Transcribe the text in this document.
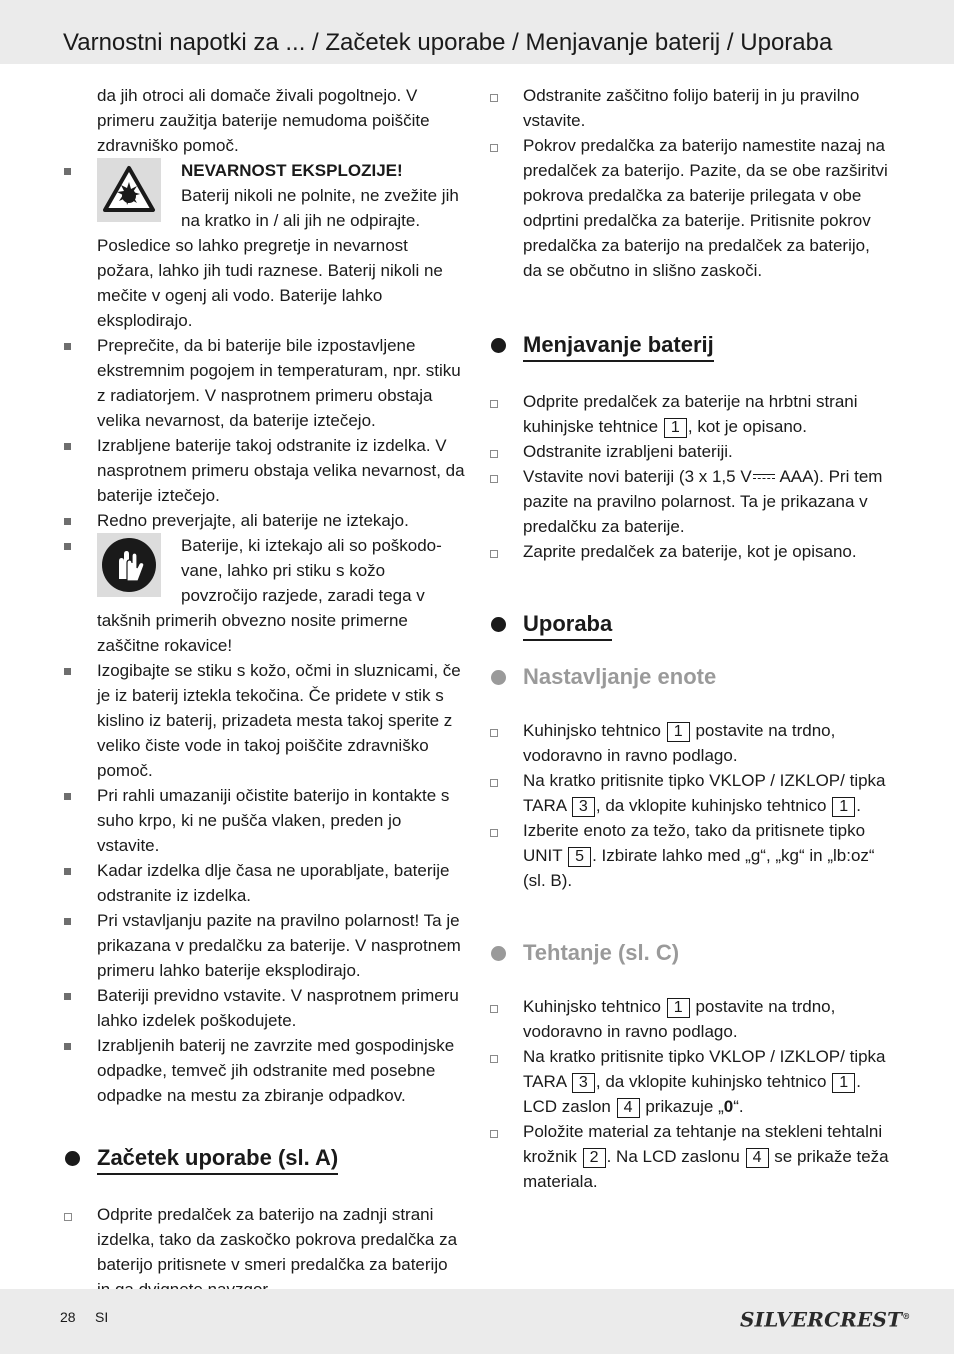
Varnostni napotki za ... / Začetek uporabe / Menjavanje baterij / Uporaba
da jih otroci ali domače živali pogoltnejo. V primeru zaužitja baterije nemudoma poiščite zdravniško pomoč.
NEVARNOST EKSPLOZIJE!
Baterij nikoli ne polnite, ne zvežite jih na kratko in / ali jih ne odpirajte. Posledice so lahko pregretje in nevarnost požara, lahko jih tudi raznese. Baterij nikoli ne mečite v ogenj ali vodo. Baterije lahko eksplodirajo.
Preprečite, da bi baterije bile izpostavljene ekstremnim pogojem in temperaturam, npr. stiku z radiatorjem. V nasprotnem primeru obstaja velika nevarnost, da baterije iztečejo.
Izrabljene baterije takoj odstranite iz izdelka. V nasprotnem primeru obstaja velika nevarnost, da baterije iztečejo.
Redno preverjajte, ali baterije ne iztekajo.
Baterije, ki iztekajo ali so poškodovane, lahko pri stiku s kožo povzročijo razjede, zaradi tega v takšnih primerih obvezno nosite primerne zaščitne rokavice!
Izogibajte se stiku s kožo, očmi in sluznicami, če je iz baterij iztekla tekočina. Če pridete v stik s kislino iz baterij, prizadeta mesta takoj sperite z veliko čiste vode in takoj poiščite zdravniško pomoč.
Pri rahli umazaniji očistite baterijo in kontakte s suho krpo, ki ne pušča vlaken, preden jo vstavite.
Kadar izdelka dlje časa ne uporabljate, baterije odstranite iz izdelka.
Pri vstavljanju pazite na pravilno polarnost! Ta je prikazana v predalčku za baterije. V nasprotnem primeru lahko baterije eksplodirajo.
Bateriji previdno vstavite. V nasprotnem primeru lahko izdelek poškodujete.
Izrabljenih baterij ne zavrzite med gospodinjske odpadke, temveč jih odstranite med posebne odpadke na mestu za zbiranje odpadkov.
Začetek uporabe (sl. A)
Odprite predalček za baterijo na zadnji strani izdelka, tako da zaskočko pokrova predalčka za baterijo pritisnete v smeri predalčka za baterijo
Odstranite zaščitno folijo baterij in ju pravilno vstavite.
Pokrov predalčka za baterijo namestite nazaj na predalček za baterijo. Pazite, da se obe razširitvi pokrova predalčka za baterije prilegata v obe odprtini predalčka za baterije. Pritisnite pokrov predalčka za baterijo na predalček za baterijo, da se občutno in slišno zaskoči.
Menjavanje baterij
Odprite predalček za baterije na hrbtni strani kuhinjske tehtnice 1 , kot je opisano.
Odstranite izrabljeni bateriji.
Vstavite novi bateriji (3 x 1,5 V AAA). Pri tem pazite na pravilno polarnost. Ta je prikazana v predalčku za baterije.
Zaprite predalček za baterije, kot je opisano.
Uporaba
Nastavljanje enote
Kuhinjsko tehtnico 1 postavite na trdno, vodoravno in ravno podlago.
Na kratko pritisnite tipko VKLOP / IZKLOP/ tipka TARA 3 , da vklopite kuhinjsko tehtnico 1 .
Izberite enoto za težo, tako da pritisnete tipko UNIT 5 . Izbirate lahko med „g“, „kg“ in „lb:oz“ (sl. B).
Tehtanje (sl. C)
Kuhinjsko tehtnico 1 postavite na trdno, vodoravno in ravno podlago.
Na kratko pritisnite tipko VKLOP / IZKLOP/ tipka TARA 3 , da vklopite kuhinjsko tehtnico 1 . LCD zaslon 4 prikazuje „0“.
Položite material za tehtanje na stekleni tehtalni krožnik 2 . Na LCD zaslonu 4 se prikaže teža materiala.
28 SI	SILVERCREST®
